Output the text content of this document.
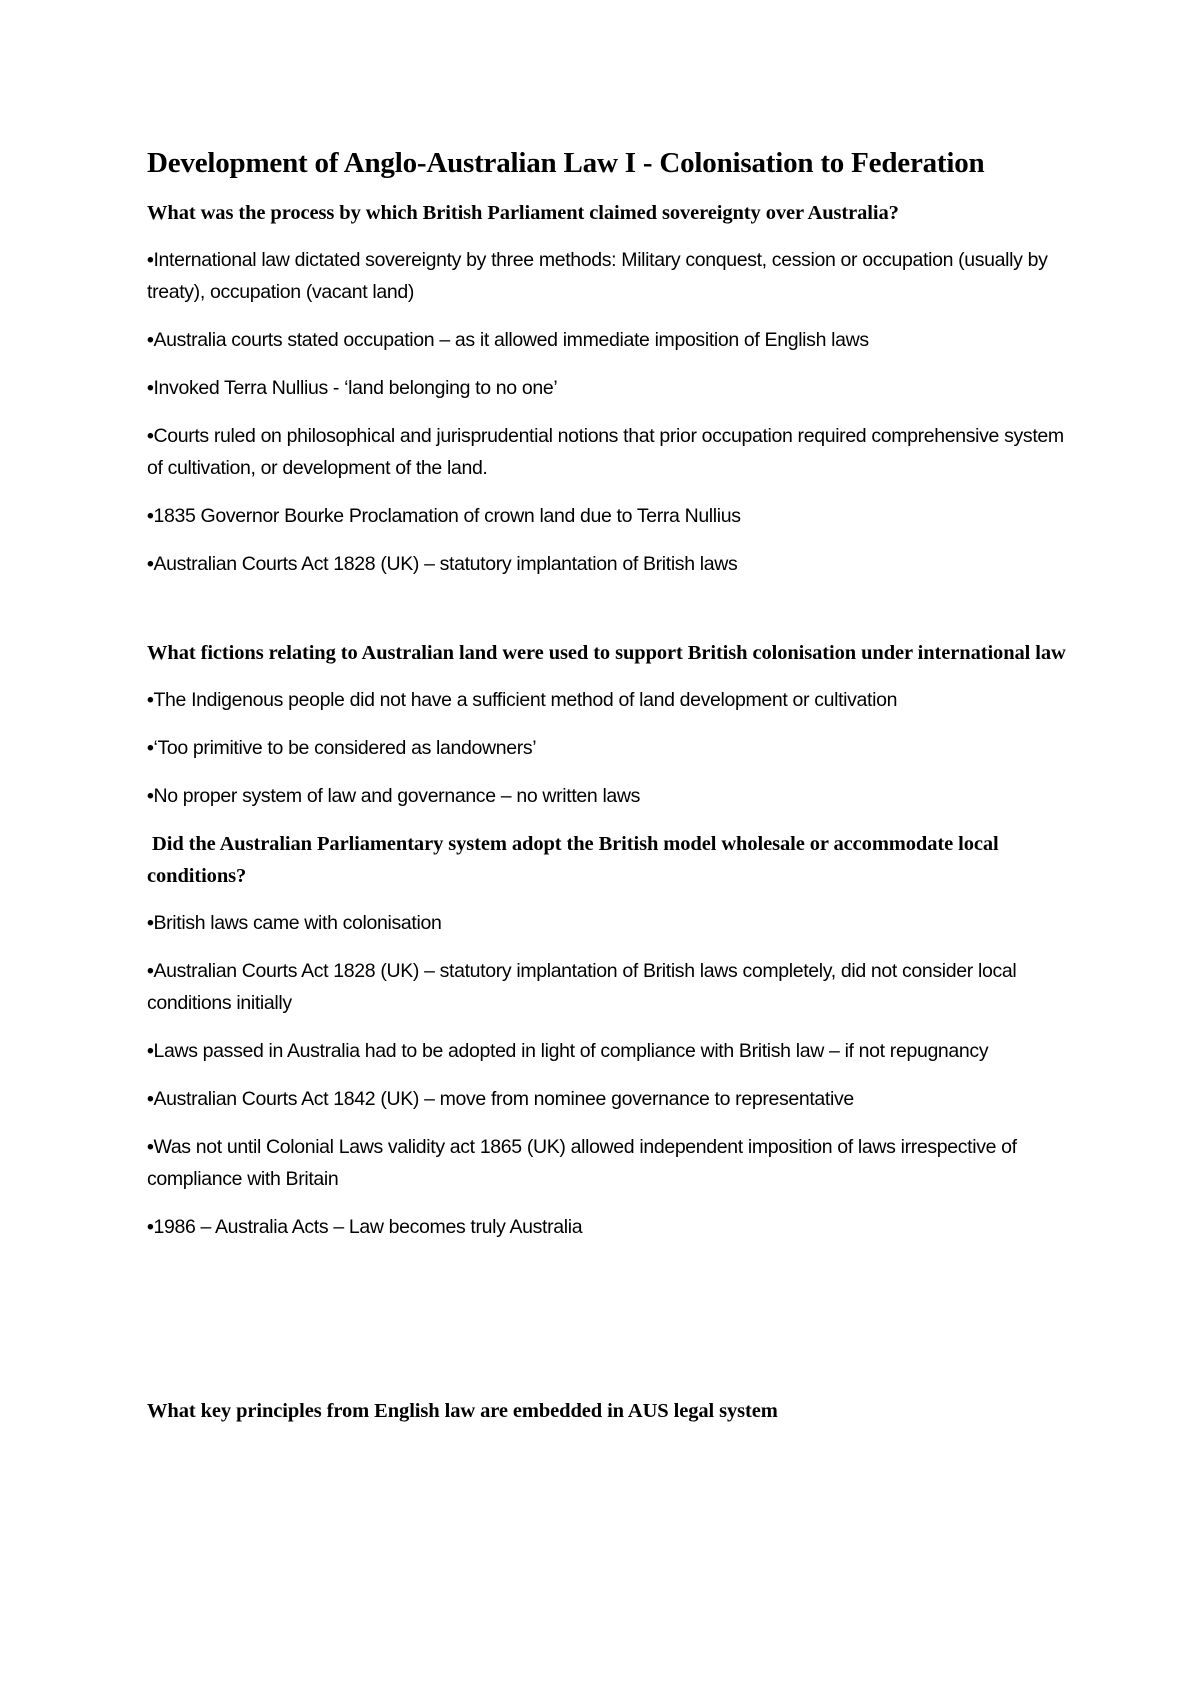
Development of Anglo-Australian Law I - Colonisation to Federation

What was the process by which British Parliament claimed sovereignty over Australia?

•International law dictated sovereignty by three methods: Military conquest, cession or occupation (usually by treaty), occupation (vacant land)

•Australia courts stated occupation – as it allowed immediate imposition of English laws

•Invoked Terra Nullius - ‘land belonging to no one’

•Courts ruled on philosophical and jurisprudential notions that prior occupation required comprehensive system of cultivation, or development of the land.

•1835 Governor Bourke Proclamation of crown land due to Terra Nullius

•Australian Courts Act 1828 (UK) – statutory implantation of British laws

What fictions relating to Australian land were used to support British colonisation under international law

•The Indigenous people did not have a sufficient method of land development or cultivation

•‘Too primitive to be considered as landowners’

•No proper system of law and governance – no written laws

Did the Australian Parliamentary system adopt the British model wholesale or accommodate local conditions?

•British laws came with colonisation

•Australian Courts Act 1828 (UK) – statutory implantation of British laws completely, did not consider local conditions initially

•Laws passed in Australia had to be adopted in light of compliance with British law – if not repugnancy

•Australian Courts Act 1842 (UK) – move from nominee governance to representative

•Was not until Colonial Laws validity act 1865 (UK) allowed independent imposition of laws irrespective of compliance with Britain

•1986 – Australia Acts – Law becomes truly Australia

What key principles from English law are embedded in AUS legal system
